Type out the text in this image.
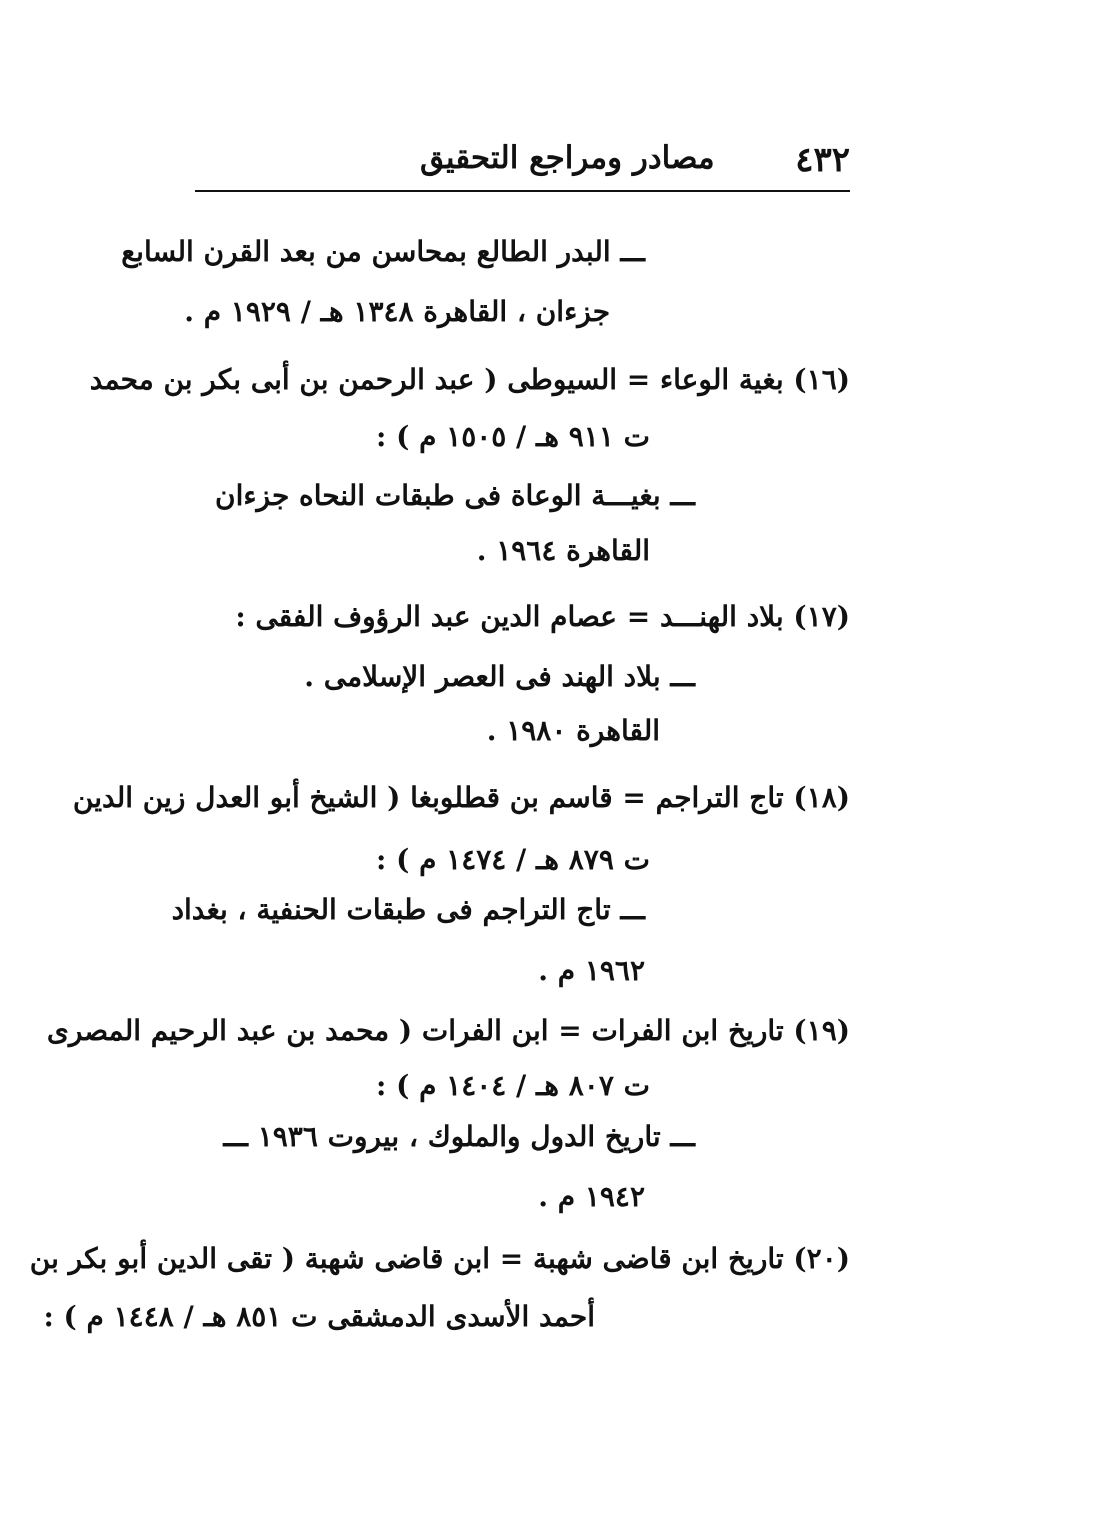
٤٣٢
مصادر ومراجع التحقيق
ـــ البدر الطالع بمحاسن من بعد القرن السابع
جزءان ، القاهرة ١٣٤٨ هـ / ١٩٢٩ م .
(١٦) بغية الوعاء = السيوطى ( عبد الرحمن بن أبى بكر بن محمد
ت ٩١١ هـ / ١٥٠٥ م ) :
ـــ بغيـــة الوعاة فى طبقات النحاه جزءان
القاهرة ١٩٦٤ .
(١٧) بلاد الهنـــد = عصام الدين عبد الرؤوف الفقى :
ـــ بلاد الهند فى العصر الإسلامى .
القاهرة ١٩٨٠ .
(١٨) تاج التراجم = قاسم بن قطلوبغا ( الشيخ أبو العدل زين الدين
ت ٨٧٩ هـ / ١٤٧٤ م ) :
ـــ تاج التراجم فى طبقات الحنفية ، بغداد
١٩٦٢ م .
(١٩) تاريخ ابن الفرات = ابن الفرات ( محمد بن عبد الرحيم المصرى
ت ٨٠٧ هـ / ١٤٠٤ م ) :
ـــ تاريخ الدول والملوك ، بيروت ١٩٣٦ ـــ
١٩٤٢ م .
(٢٠) تاريخ ابن قاضى شهبة = ابن قاضى شهبة ( تقى الدين أبو بكر بن
أحمد الأسدى الدمشقى ت ٨٥١ هـ / ١٤٤٨ م ) :
